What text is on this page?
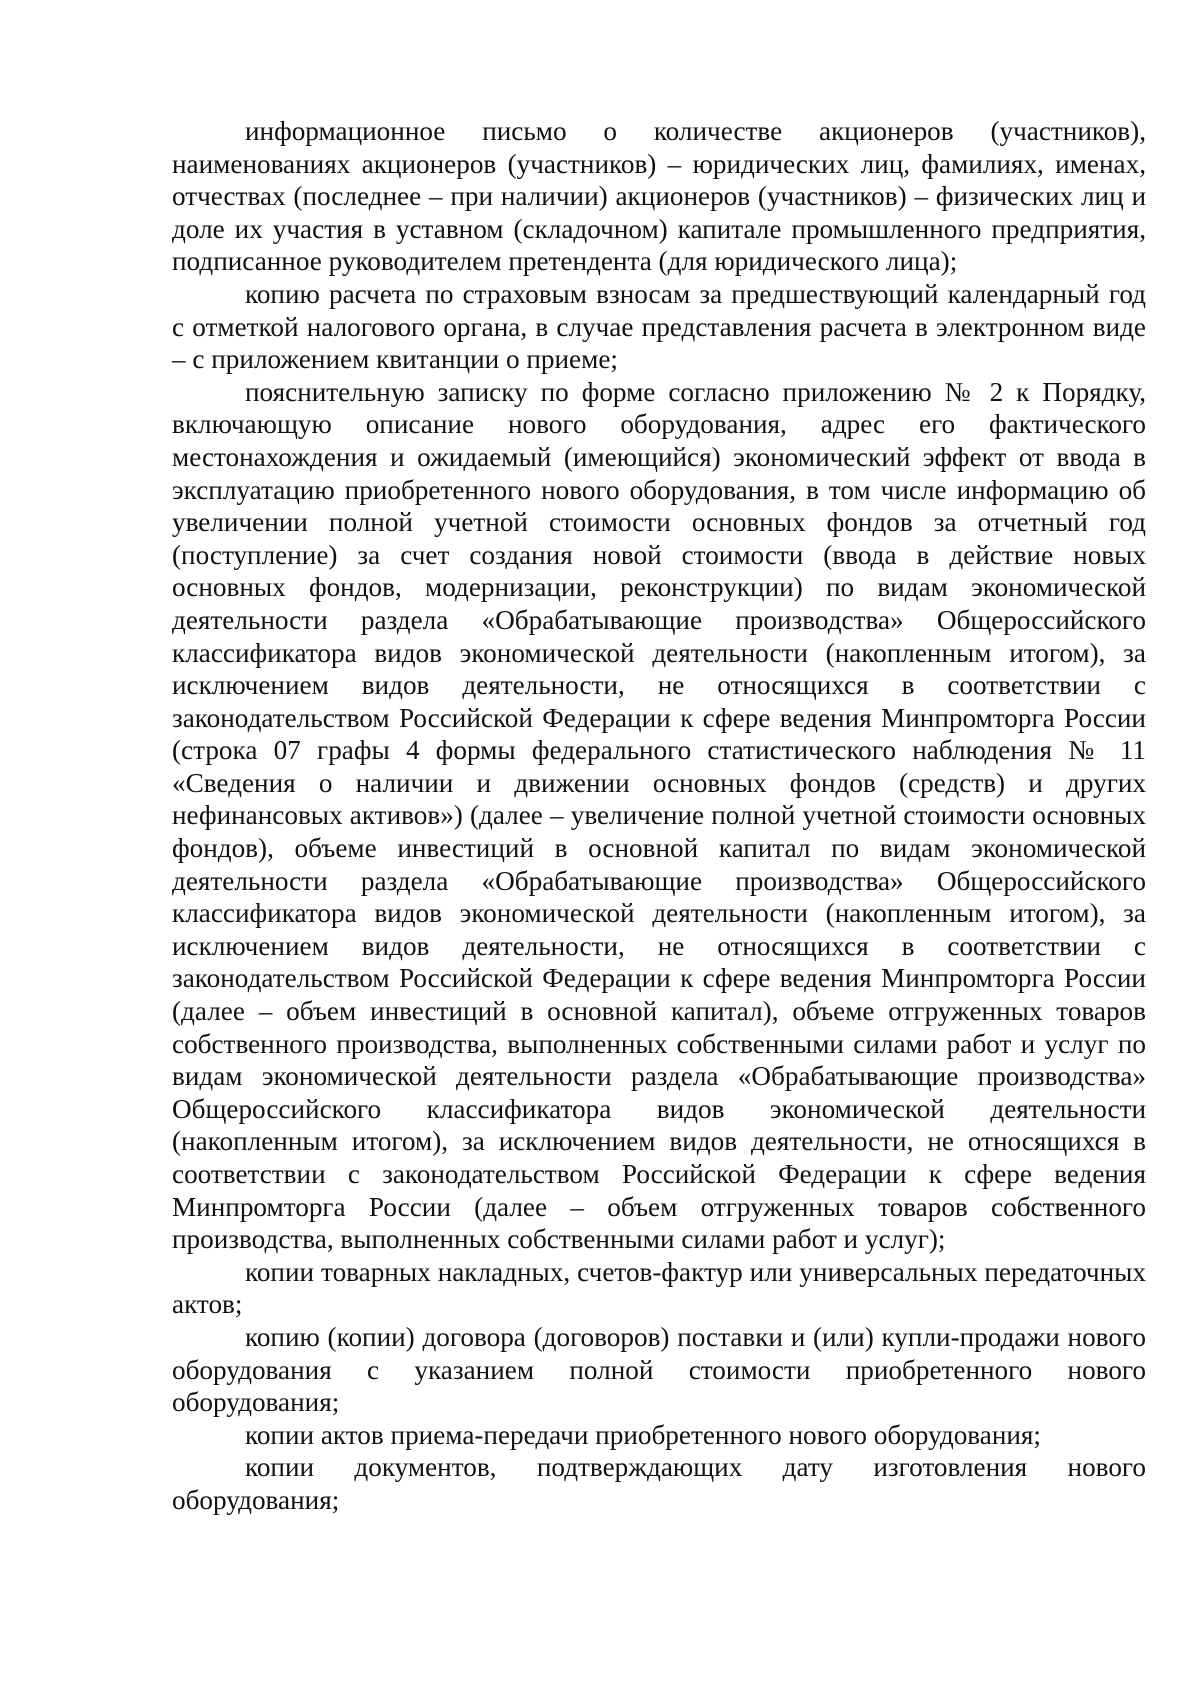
информационное письмо о количестве акционеров (участников), наименованиях акционеров (участников) – юридических лиц, фамилиях, именах, отчествах (последнее – при наличии) акционеров (участников) – физических лиц и доле их участия в уставном (складочном) капитале промышленного предприятия, подписанное руководителем претендента (для юридического лица);

копию расчета по страховым взносам за предшествующий календарный год с отметкой налогового органа, в случае представления расчета в электронном виде – с приложением квитанции о приеме;

пояснительную записку по форме согласно приложению № 2 к Порядку, включающую описание нового оборудования, адрес его фактического местонахождения и ожидаемый (имеющийся) экономический эффект от ввода в эксплуатацию приобретенного нового оборудования, в том числе информацию об увеличении полной учетной стоимости основных фондов за отчетный год (поступление) за счет создания новой стоимости (ввода в действие новых основных фондов, модернизации, реконструкции) по видам экономической деятельности раздела «Обрабатывающие производства» Общероссийского классификатора видов экономической деятельности (накопленным итогом), за исключением видов деятельности, не относящихся в соответствии с законодательством Российской Федерации к сфере ведения Минпромторга России (строка 07 графы 4 формы федерального статистического наблюдения № 11 «Сведения о наличии и движении основных фондов (средств) и других нефинансовых активов») (далее – увеличение полной учетной стоимости основных фондов), объеме инвестиций в основной капитал по видам экономической деятельности раздела «Обрабатывающие производства» Общероссийского классификатора видов экономической деятельности (накопленным итогом), за исключением видов деятельности, не относящихся в соответствии с законодательством Российской Федерации к сфере ведения Минпромторга России (далее – объем инвестиций в основной капитал), объеме отгруженных товаров собственного производства, выполненных собственными силами работ и услуг по видам экономической деятельности раздела «Обрабатывающие производства» Общероссийского классификатора видов экономической деятельности (накопленным итогом), за исключением видов деятельности, не относящихся в соответствии с законодательством Российской Федерации к сфере ведения Минпромторга России (далее – объем отгруженных товаров собственного производства, выполненных собственными силами работ и услуг);

копии товарных накладных, счетов-фактур или универсальных передаточных актов;

копию (копии) договора (договоров) поставки и (или) купли-продажи нового оборудования с указанием полной стоимости приобретенного нового оборудования;

копии актов приема-передачи приобретенного нового оборудования;

копии документов, подтверждающих дату изготовления нового оборудования;
